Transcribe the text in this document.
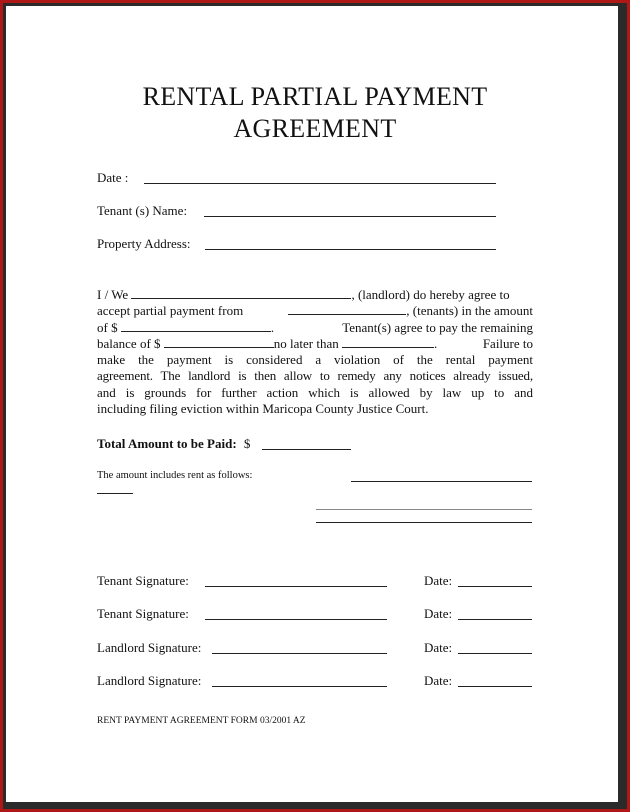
RENTAL PARTIAL PAYMENT
AGREEMENT
Date :
Tenant (s) Name:
Property Address:
I / We	, (landlord) do hereby agree to
accept partial payment from	, (tenants) in the amount
of $	.	Tenant(s) agree to pay the remaining
balance of $	no later than	.	Failure to
make the payment is considered a violation of the rental payment
agreement. The landlord is then allow to remedy any notices already issued,
and is grounds for further action which is allowed by law up to and
including filing eviction within Maricopa County Justice Court.
Total Amount to be Paid: $
The amount includes rent as follows:
Tenant Signature:	Date:
Tenant Signature:	Date:
Landlord Signature:	Date:
Landlord Signature:	Date:
RENT PAYMENT AGREEMENT FORM 03/2001 AZ
